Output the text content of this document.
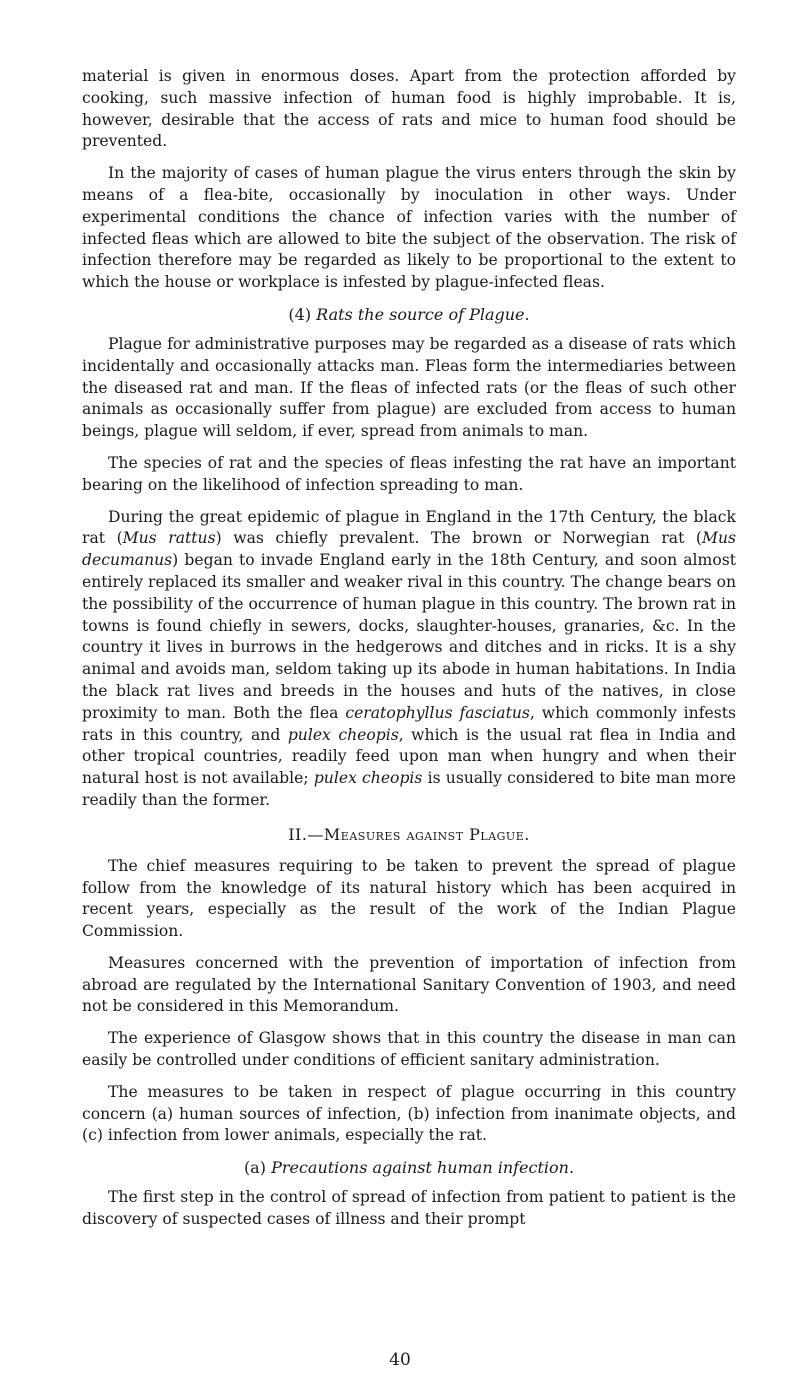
material is given in enormous doses. Apart from the protection afforded by cooking, such massive infection of human food is highly improbable. It is, however, desirable that the access of rats and mice to human food should be prevented.

In the majority of cases of human plague the virus enters through the skin by means of a flea-bite, occasionally by inoculation in other ways. Under experimental conditions the chance of infection varies with the number of infected fleas which are allowed to bite the subject of the observation. The risk of infection therefore may be regarded as likely to be proportional to the extent to which the house or workplace is infested by plague-infected fleas.

(4) Rats the source of Plague.

Plague for administrative purposes may be regarded as a disease of rats which incidentally and occasionally attacks man. Fleas form the intermediaries between the diseased rat and man. If the fleas of infected rats (or the fleas of such other animals as occasionally suffer from plague) are excluded from access to human beings, plague will seldom, if ever, spread from animals to man.

The species of rat and the species of fleas infesting the rat have an important bearing on the likelihood of infection spreading to man.

During the great epidemic of plague in England in the 17th Century, the black rat (Mus rattus) was chiefly prevalent. The brown or Norwegian rat (Mus decumanus) began to invade England early in the 18th Century, and soon almost entirely replaced its smaller and weaker rival in this country. The change bears on the possibility of the occurrence of human plague in this country. The brown rat in towns is found chiefly in sewers, docks, slaughter-houses, granaries, &c. In the country it lives in burrows in the hedgerows and ditches and in ricks. It is a shy animal and avoids man, seldom taking up its abode in human habitations. In India the black rat lives and breeds in the houses and huts of the natives, in close proximity to man. Both the flea ceratophyllus fasciatus, which commonly infests rats in this country, and pulex cheopis, which is the usual rat flea in India and other tropical countries, readily feed upon man when hungry and when their natural host is not available; pulex cheopis is usually considered to bite man more readily than the former.

II.—Measures against Plague.

The chief measures requiring to be taken to prevent the spread of plague follow from the knowledge of its natural history which has been acquired in recent years, especially as the result of the work of the Indian Plague Commission.

Measures concerned with the prevention of importation of infection from abroad are regulated by the International Sanitary Convention of 1903, and need not be considered in this Memorandum.

The experience of Glasgow shows that in this country the disease in man can easily be controlled under conditions of efficient sanitary administration.

The measures to be taken in respect of plague occurring in this country concern (a) human sources of infection, (b) infection from inanimate objects, and (c) infection from lower animals, especially the rat.

(a) Precautions against human infection.

The first step in the control of spread of infection from patient to patient is the discovery of suspected cases of illness and their prompt

40
